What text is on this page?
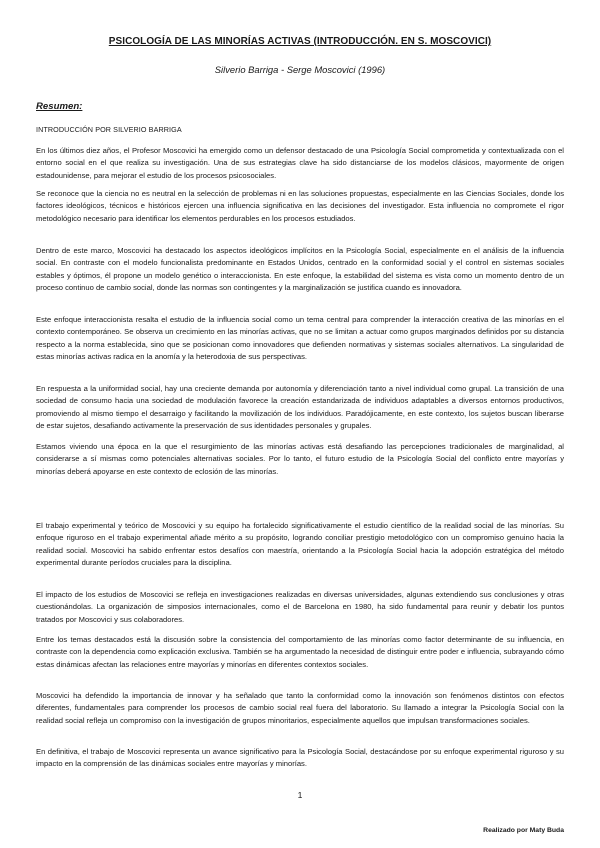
PSICOLOGÍA DE LAS MINORÍAS ACTIVAS (INTRODUCCIÓN. EN S. MOSCOVICI)
Silverio Barriga - Serge Moscovici (1996)
Resumen:
INTRODUCCIÓN POR SILVERIO BARRIGA

En los últimos diez años, el Profesor Moscovici ha emergido como un defensor destacado de una Psicología Social comprometida y contextualizada con el entorno social en el que realiza su investigación. Una de sus estrategias clave ha sido distanciarse de los modelos clásicos, mayormente de origen estadounidense, para mejorar el estudio de los procesos psicosociales.

Se reconoce que la ciencia no es neutral en la selección de problemas ni en las soluciones propuestas, especialmente en las Ciencias Sociales, donde los factores ideológicos, técnicos e históricos ejercen una influencia significativa en las decisiones del investigador. Esta influencia no compromete el rigor metodológico necesario para identificar los elementos perdurables en los procesos estudiados.

Dentro de este marco, Moscovici ha destacado los aspectos ideológicos implícitos en la Psicología Social, especialmente en el análisis de la influencia social. En contraste con el modelo funcionalista predominante en Estados Unidos, centrado en la conformidad social y el control en sistemas sociales estables y óptimos, él propone un modelo genético o interaccionista. En este enfoque, la estabilidad del sistema es vista como un momento dentro de un proceso continuo de cambio social, donde las normas son contingentes y la marginalización se justifica cuando es innovadora.

Este enfoque interaccionista resalta el estudio de la influencia social como un tema central para comprender la interacción creativa de las minorías en el contexto contemporáneo. Se observa un crecimiento en las minorías activas, que no se limitan a actuar como grupos marginados definidos por su distancia respecto a la norma establecida, sino que se posicionan como innovadores que defienden normativas y sistemas sociales alternativos. La singularidad de estas minorías activas radica en la anomía y la heterodoxia de sus perspectivas.

En respuesta a la uniformidad social, hay una creciente demanda por autonomía y diferenciación tanto a nivel individual como grupal. La transición de una sociedad de consumo hacia una sociedad de modulación favorece la creación estandarizada de individuos adaptables a diversos entornos productivos, promoviendo al mismo tiempo el desarraigo y facilitando la movilización de los individuos. Paradójicamente, en este contexto, los sujetos buscan liberarse de estar sujetos, desafiando activamente la preservación de sus identidades personales y grupales.

Estamos viviendo una época en la que el resurgimiento de las minorías activas está desafiando las percepciones tradicionales de marginalidad, al considerarse a sí mismas como potenciales alternativas sociales. Por lo tanto, el futuro estudio de la Psicología Social del conflicto entre mayorías y minorías deberá apoyarse en este contexto de eclosión de las minorías.

El trabajo experimental y teórico de Moscovici y su equipo ha fortalecido significativamente el estudio científico de la realidad social de las minorías. Su enfoque riguroso en el trabajo experimental añade mérito a su propósito, logrando conciliar prestigio metodológico con un compromiso genuino hacia la realidad social. Moscovici ha sabido enfrentar estos desafíos con maestría, orientando a la Psicología Social hacia la adopción estratégica del método experimental durante períodos cruciales para la disciplina.

El impacto de los estudios de Moscovici se refleja en investigaciones realizadas en diversas universidades, algunas extendiendo sus conclusiones y otras cuestionándolas. La organización de simposios internacionales, como el de Barcelona en 1980, ha sido fundamental para reunir y debatir los puntos tratados por Moscovici y sus colaboradores.

Entre los temas destacados está la discusión sobre la consistencia del comportamiento de las minorías como factor determinante de su influencia, en contraste con la dependencia como explicación exclusiva. También se ha argumentado la necesidad de distinguir entre poder e influencia, subrayando cómo estas dinámicas afectan las relaciones entre mayorías y minorías en diferentes contextos sociales.

Moscovici ha defendido la importancia de innovar y ha señalado que tanto la conformidad como la innovación son fenómenos distintos con efectos diferentes, fundamentales para comprender los procesos de cambio social real fuera del laboratorio. Su llamado a integrar la Psicología Social con la realidad social refleja un compromiso con la investigación de grupos minoritarios, especialmente aquellos que impulsan transformaciones sociales.

En definitiva, el trabajo de Moscovici representa un avance significativo para la Psicología Social, destacándose por su enfoque experimental riguroso y su impacto en la comprensión de las dinámicas sociales entre mayorías y minorías.

1
Realizado por Maty Buda
